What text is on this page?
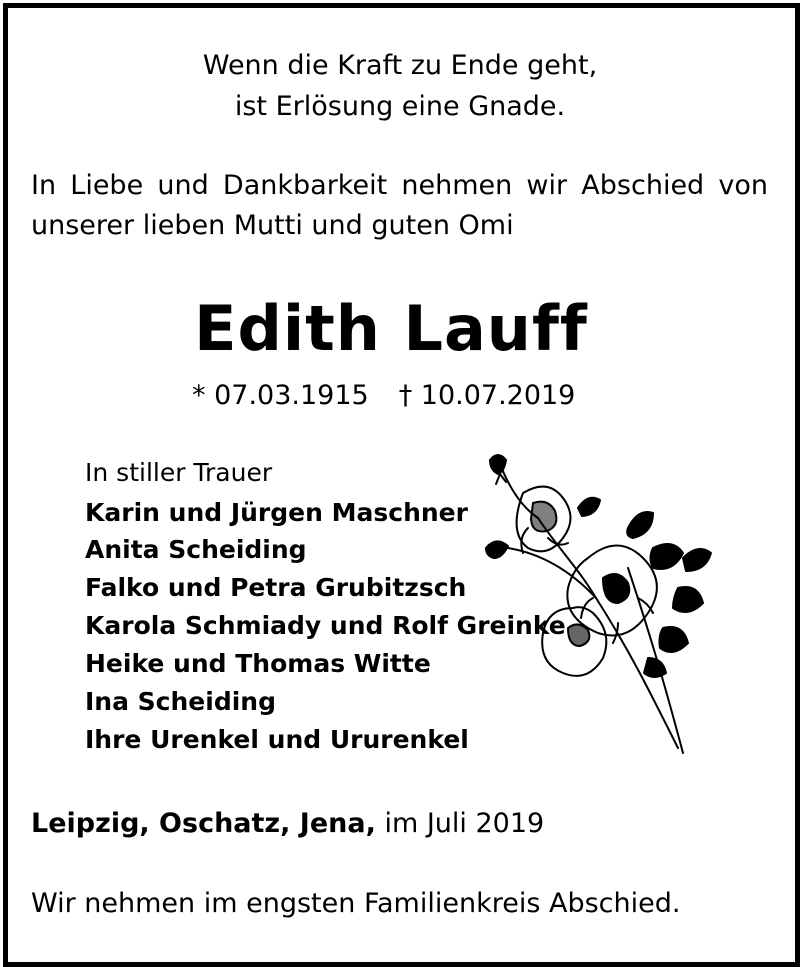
Wenn die Kraft zu Ende geht,
ist Erlösung eine Gnade.
In Liebe und Dankbarkeit nehmen wir Abschied von
unserer lieben Mutti und guten Omi
Edith Lauff
* 07.03.1915 † 10.07.2019
In stiller Trauer
Karin und Jürgen Maschner
Anita Scheiding
Falko und Petra Grubitzsch
Karola Schmiady und Rolf Greinke
Heike und Thomas Witte
Ina Scheiding
Ihre Urenkel und Ururenkel
Leipzig, Oschatz, Jena, im Juli 2019
Wir nehmen im engsten Familienkreis Abschied.
